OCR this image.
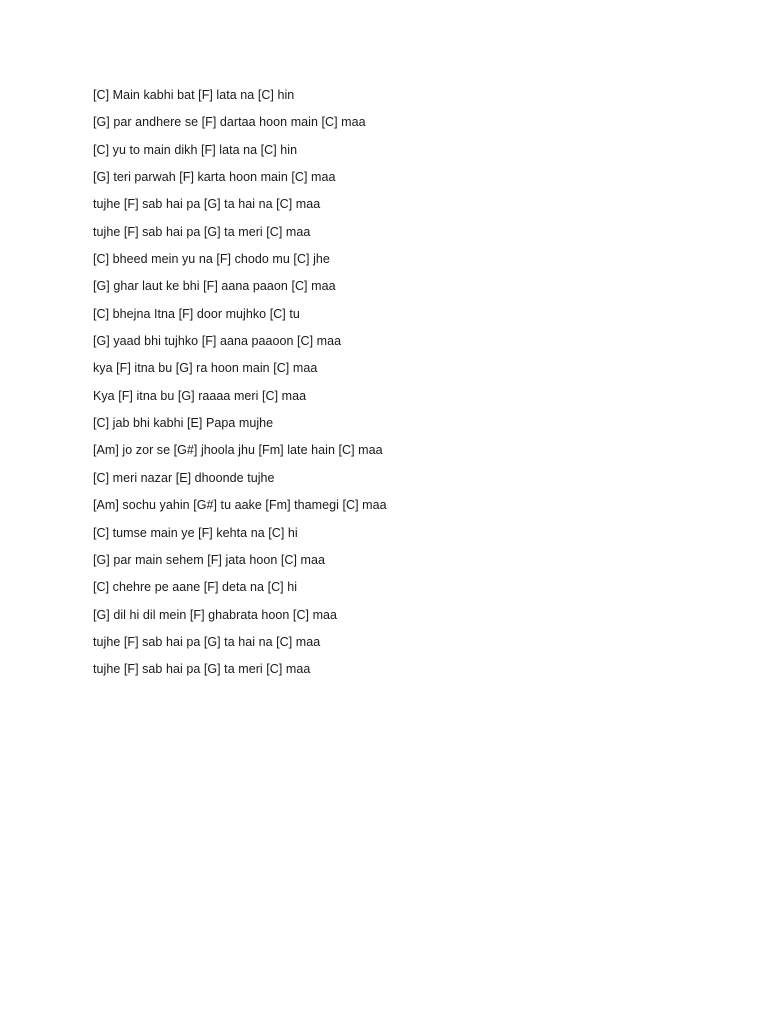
[C] Main kabhi bat [F] lata na [C] hin
[G] par andhere se [F] dartaa hoon main [C] maa
[C] yu to main dikh [F] lata na [C] hin
[G] teri parwah [F] karta hoon main [C] maa
tujhe [F] sab hai pa [G] ta hai na [C] maa
tujhe [F] sab hai pa [G] ta meri [C] maa
[C] bheed mein yu na [F] chodo mu [C] jhe
[G] ghar laut ke bhi [F] aana paaon [C] maa
[C] bhejna Itna [F] door mujhko [C] tu
[G] yaad bhi tujhko [F] aana paaoon [C] maa
kya [F] itna bu [G] ra hoon main [C] maa
Kya [F] itna bu [G] raaaa meri [C] maa
[C] jab bhi kabhi [E] Papa mujhe
[Am] jo zor se [G#] jhoola jhu [Fm] late hain [C] maa
[C] meri nazar [E] dhoonde tujhe
[Am] sochu yahin [G#] tu aake [Fm] thamegi [C] maa
[C] tumse main ye [F] kehta na [C] hi
[G] par main sehem [F] jata hoon [C] maa
[C] chehre pe aane [F] deta na [C] hi
[G] dil hi dil mein [F] ghabrata hoon [C] maa
tujhe [F] sab hai pa [G] ta hai na [C] maa
tujhe [F] sab hai pa [G] ta meri [C] maa
